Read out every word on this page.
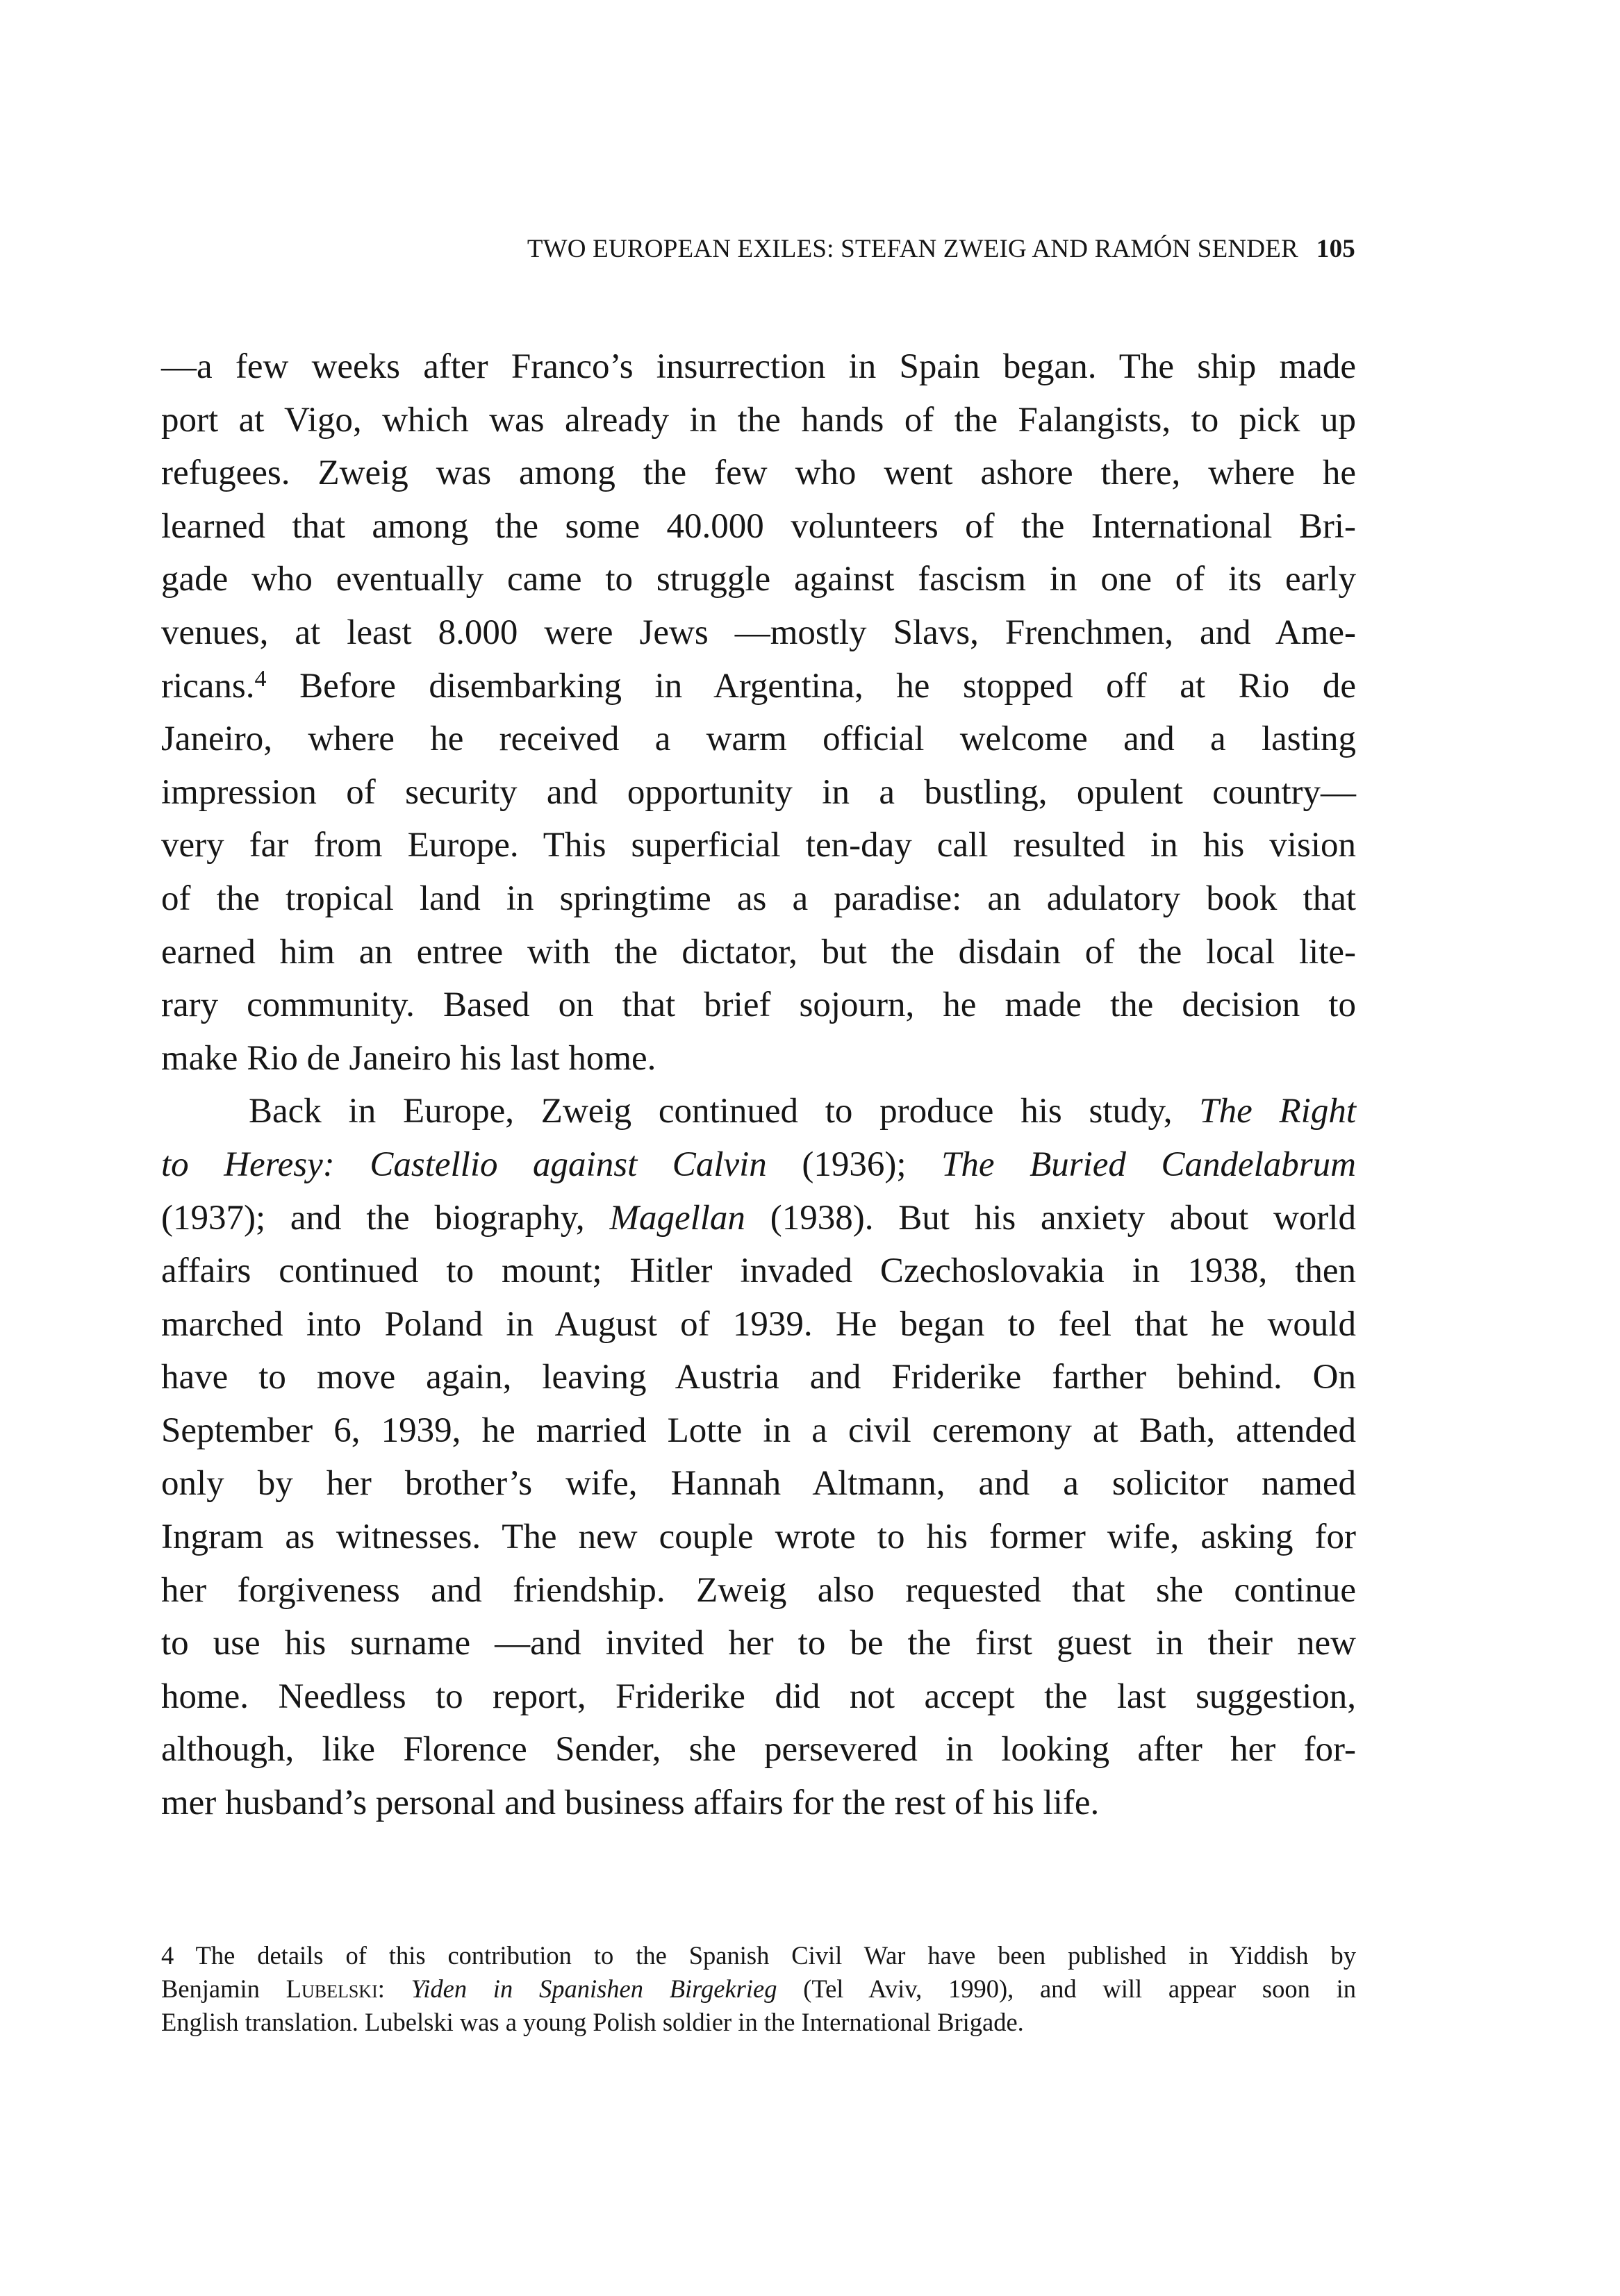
TWO EUROPEAN EXILES: STEFAN ZWEIG AND RAMÓN SENDER 105

—a few weeks after Franco’s insurrection in Spain began. The ship made
port at Vigo, which was already in the hands of the Falangists, to pick up
refugees. Zweig was among the few who went ashore there, where he
learned that among the some 40.000 volunteers of the International Bri-
gade who eventually came to struggle against fascism in one of its early
venues, at least 8.000 were Jews —mostly Slavs, Frenchmen, and Ame-
ricans.$^4$ Before disembarking in Argentina, he stopped off at Rio de
Janeiro, where he received a warm official welcome and a lasting
impression of security and opportunity in a bustling, opulent country—
very far from Europe. This superficial ten-day call resulted in his vision
of the tropical land in springtime as a paradise: an adulatory book that
earned him an entree with the dictator, but the disdain of the local lite-
rary community. Based on that brief sojourn, he made the decision to
make Rio de Janeiro his last home.

Back in Europe, Zweig continued to produce his study, The Right
to Heresy: Castellio against Calvin (1936); The Buried Candelabrum
(1937); and the biography, Magellan (1938). But his anxiety about world
affairs continued to mount; Hitler invaded Czechoslovakia in 1938, then
marched into Poland in August of 1939. He began to feel that he would
have to move again, leaving Austria and Friderike farther behind. On
September 6, 1939, he married Lotte in a civil ceremony at Bath, attended
only by her brother’s wife, Hannah Altmann, and a solicitor named
Ingram as witnesses. The new couple wrote to his former wife, asking for
her forgiveness and friendship. Zweig also requested that she continue
to use his surname —and invited her to be the first guest in their new
home. Needless to report, Friderike did not accept the last suggestion,
although, like Florence Sender, she persevered in looking after her for-
mer husband’s personal and business affairs for the rest of his life.

4 The details of this contribution to the Spanish Civil War have been published in Yiddish by
Benjamin Lubelski: Yiden in Spanishen Birgekrieg (Tel Aviv, 1990), and will appear soon in
English translation. Lubelski was a young Polish soldier in the International Brigade.
